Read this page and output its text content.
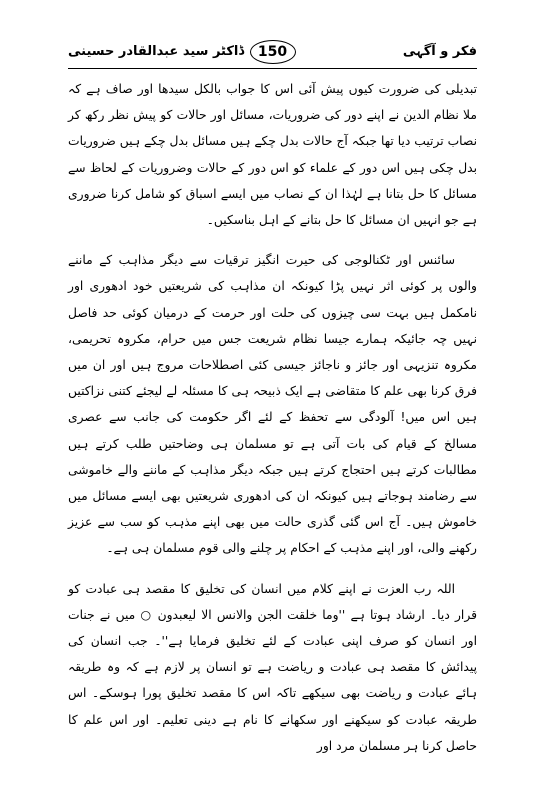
فکر و آگہی
150
ڈاکٹر سید عبدالقادر حسینی

تبدیلی کی ضرورت کیوں پیش آئی اس کا جواب بالکل سیدھا اور صاف ہے کہ ملا نظام الدین نے اپنے دور کی ضروریات، مسائل اور حالات کو پیش نظر رکھ کر نصاب ترتیب دیا تھا جبکہ آج حالات بدل چکے ہیں مسائل بدل چکے ہیں ضروریات بدل چکی ہیں اس دور کے علماء کو اس دور کے حالات وضروریات کے لحاظ سے مسائل کا حل بتانا ہے لہٰذا ان کے نصاب میں ایسے اسباق کو شامل کرنا ضروری ہے جو انہیں ان مسائل کا حل بتانے کے اہل بناسکیں۔

سائنس اور ٹکنالوجی کی حیرت انگیز ترقیات سے دیگر مذاہب کے ماننے والوں پر کوئی اثر نہیں پڑا کیونکہ ان مذاہب کی شریعتیں خود ادھوری اور نامکمل ہیں بہت سی چیزوں کی حلت اور حرمت کے درمیان کوئی حد فاصل نہیں چہ جائیکہ ہمارے جیسا نظام شریعت جس میں حرام، مکروہ تحریمی، مکروہ تنزیہی اور جائز و ناجائز جیسی کئی اصطلاحات مروج ہیں اور ان میں فرق کرنا بھی علم کا متقاضی ہے ایک ذبیحہ ہی کا مسئلہ لے لیجئے کتنی نزاکتیں ہیں اس میں! آلودگی سے تحفظ کے لئے اگر حکومت کی جانب سے عصری مسالخ کے قیام کی بات آتی ہے تو مسلمان ہی وضاحتیں طلب کرتے ہیں مطالبات کرتے ہیں احتجاج کرتے ہیں جبکہ دیگر مذاہب کے ماننے والے خاموشی سے رضامند ہوجاتے ہیں کیونکہ ان کی ادھوری شریعتیں بھی ایسے مسائل میں خاموش ہیں۔ آج اس گئی گذری حالت میں بھی اپنے مذہب کو سب سے عزیز رکھنے والی، اور اپنے مذہب کے احکام پر چلنے والی قوم مسلمان ہی ہے۔

اللہ رب العزت نے اپنے کلام میں انسان کی تخلیق کا مقصد ہی عبادت کو قرار دیا۔ ارشاد ہوتا ہے ''وما خلقت الجن والانس الا لیعبدون ○ میں نے جنات اور انسان کو صرف اپنی عبادت کے لئے تخلیق فرمایا ہے''۔ جب انسان کی پیدائش کا مقصد ہی عبادت و ریاضت ہے تو انسان پر لازم ہے کہ وہ طریقہ ہائے عبادت و ریاضت بھی سیکھے تاکہ اس کا مقصد تخلیق پورا ہوسکے۔ اس طریقہ عبادت کو سیکھنے اور سکھانے کا نام ہے دینی تعلیم۔ اور اس علم کا حاصل کرنا ہر مسلمان مرد اور
